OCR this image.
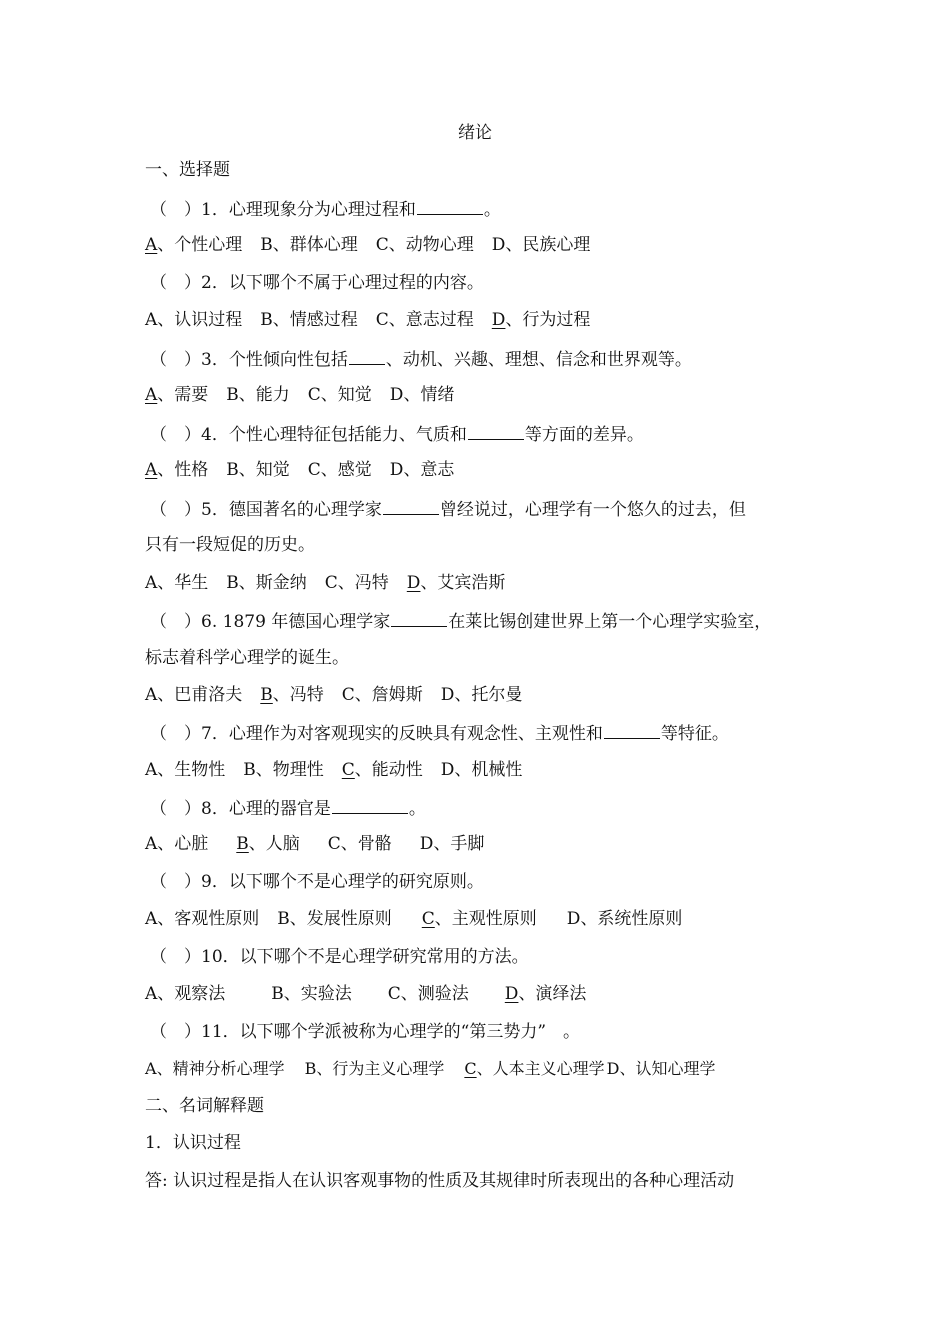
绪论
一、选择题
（　）1．心理现象分为心理过程和	。
A、个性心理 B、群体心理 C、动物心理 D、民族心理
（　）2．以下哪个不属于心理过程的内容。
A、认识过程 B、情感过程 C、意志过程 D、行为过程
（　）3．个性倾向性包括 、动机、兴趣、理想、信念和世界观等。
A、需要 B、能力 C、知觉 D、情绪
（　）4．个性心理特征包括能力、气质和	等方面的差异。
A、性格 B、知觉 C、感觉 D、意志
（　）5．德国著名的心理学家	曾经说过，心理学有一个悠久的过去，但
只有一段短促的历史。
A、华生 B、斯金纳 C、冯特 D、艾宾浩斯
（　）6. 1879 年德国心理学家	在莱比锡创建世界上第一个心理学实验室，
标志着科学心理学的诞生。
A、巴甫洛夫 B、冯特 C、詹姆斯 D、托尔曼
（　）7．心理作为对客观现实的反映具有观念性、主观性和	等特征。
A、生物性 B、物理性 C、能动性 D、机械性
（　）8．心理的器官是	。
A、心脏 B、人脑 C、骨骼 D、手脚
（　）9．以下哪个不是心理学的研究原则。
A、客观性原则 B、发展性原则 C、主观性原则 D、系统性原则
（　）10．以下哪个不是心理学研究常用的方法。
A、观察法	B、实验法 C、测验法 D、演绎法
（　）11．以下哪个学派被称为心理学的“第三势力”　。
A、精神分析心理学 B、行为主义心理学 C、人本主义心理学 D、认知心理学
二、名词解释题
1．认识过程
答: 认识过程是指人在认识客观事物的性质及其规律时所表现出的各种心理活动
